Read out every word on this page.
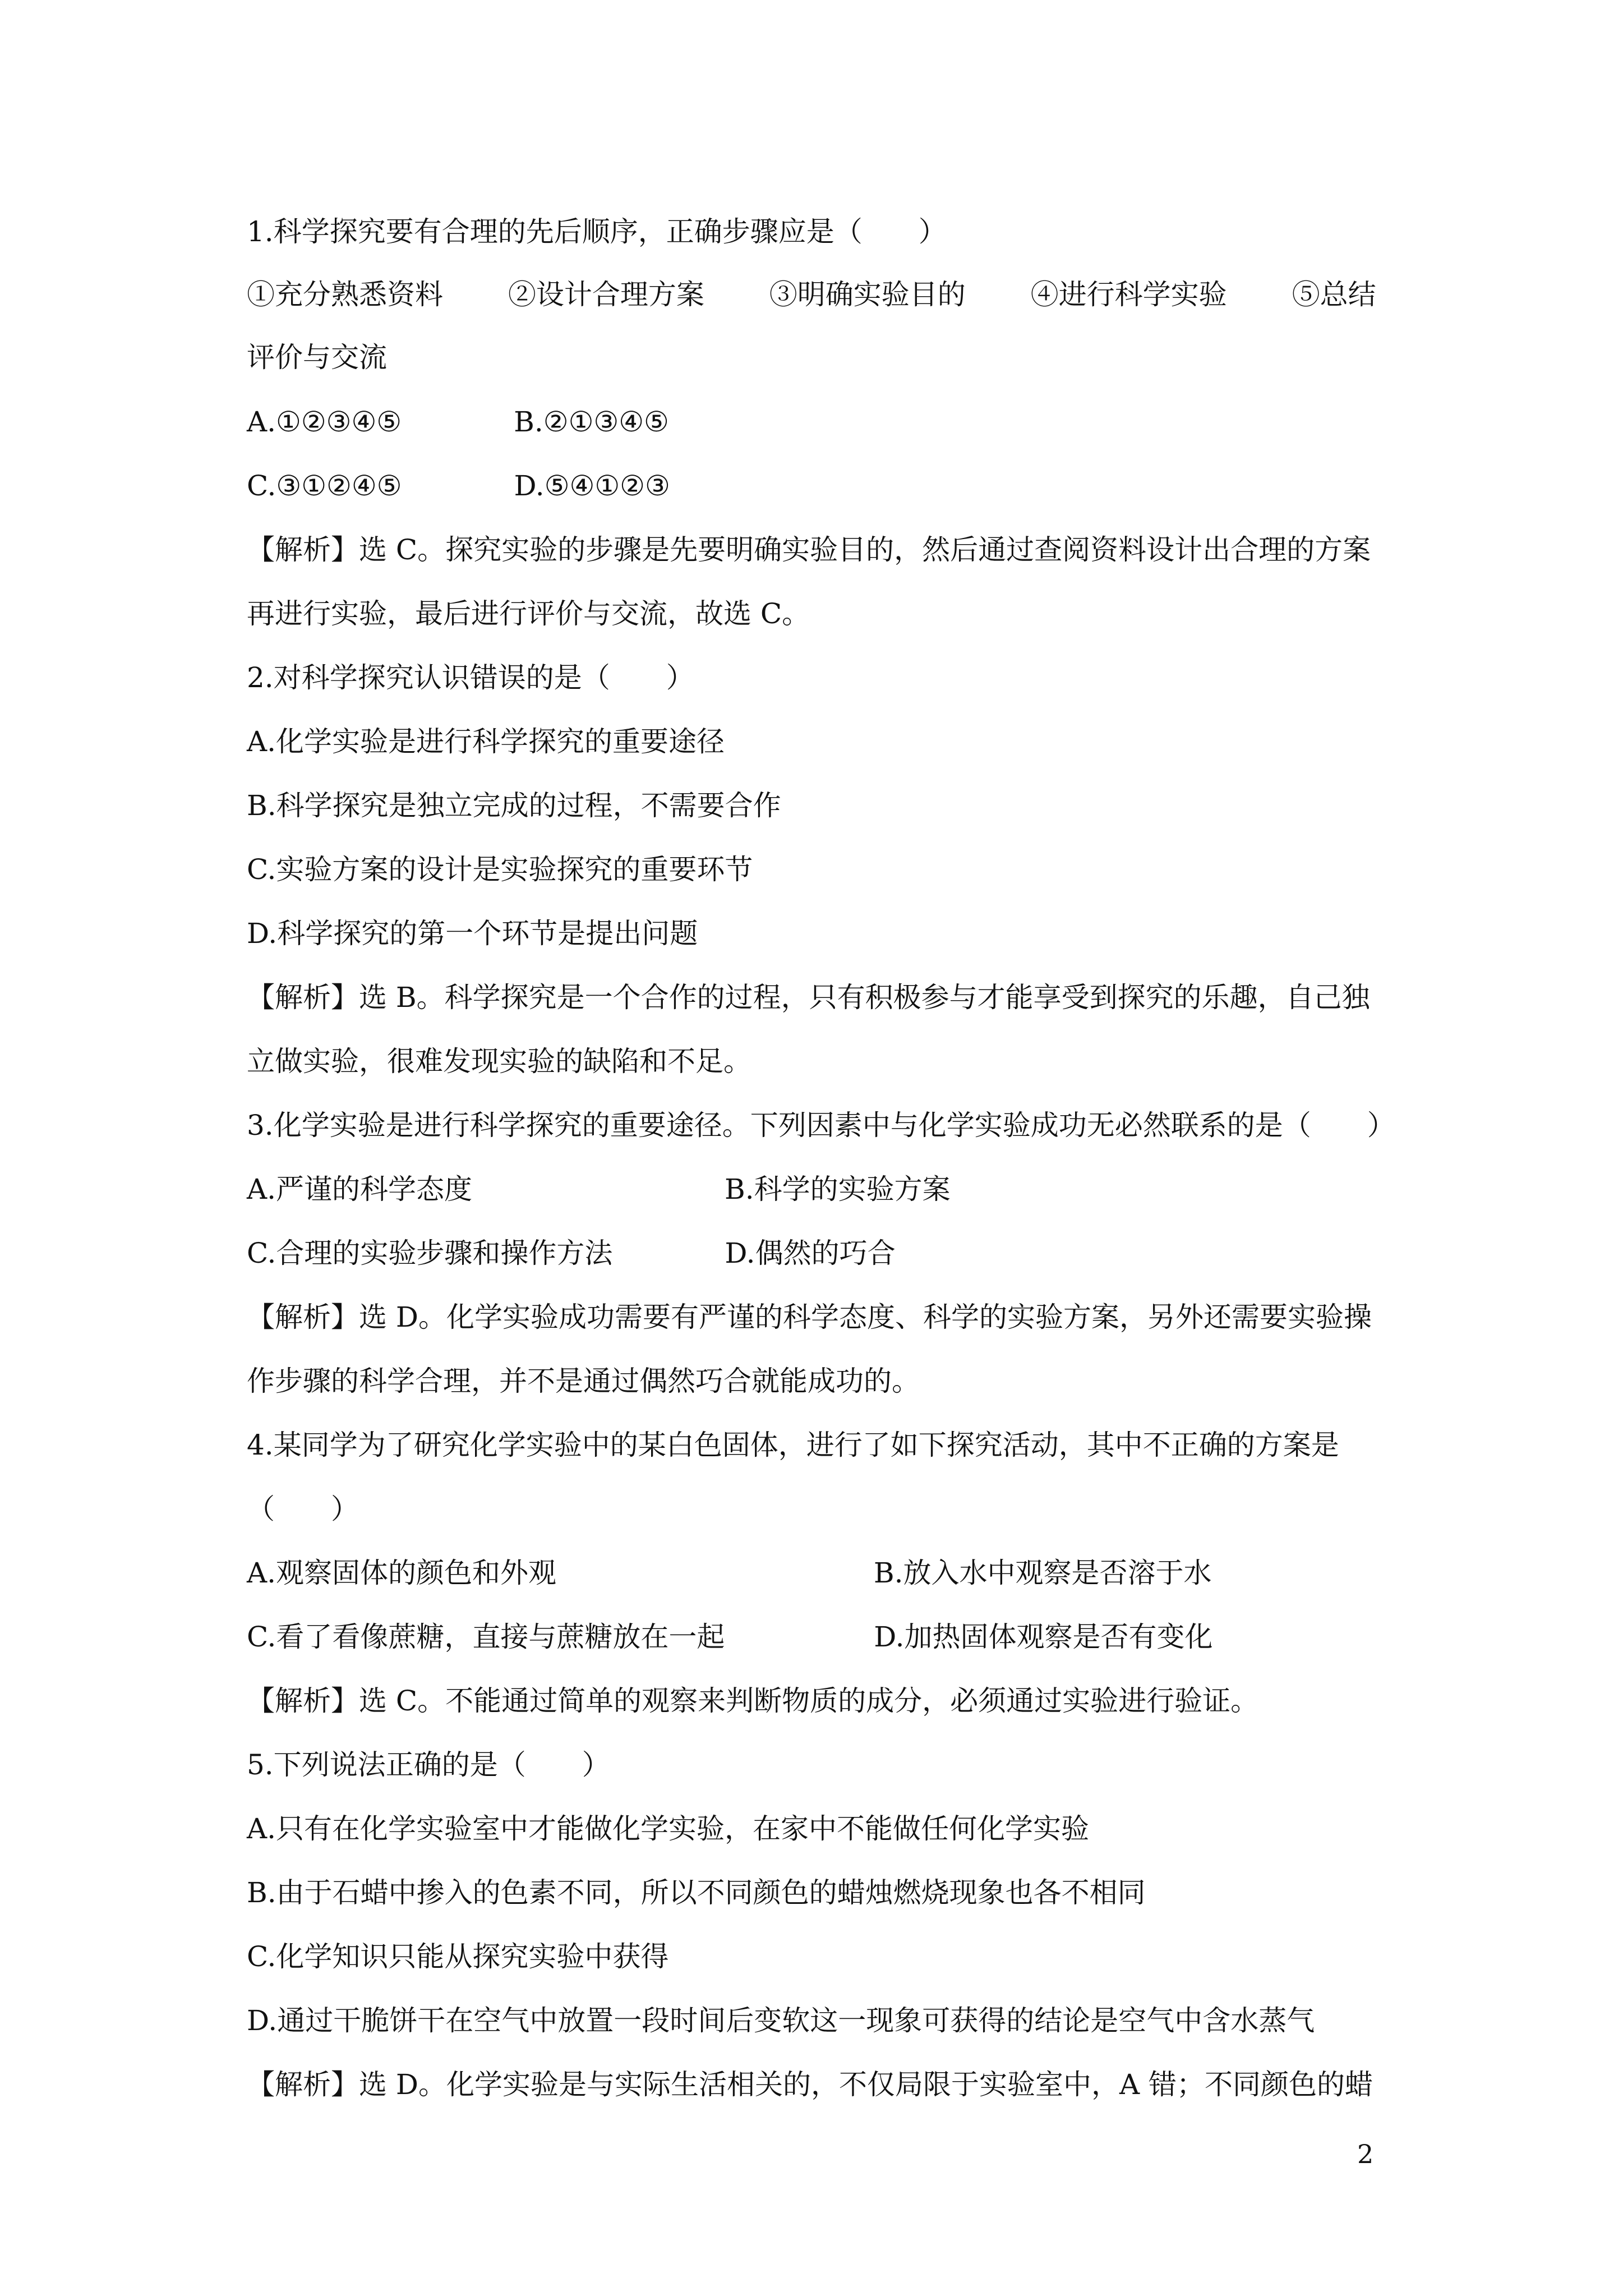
1.科学探究要有合理的先后顺序，正确步骤应是（　　）
①充分熟悉资料　　 ②设计合理方案　　 ③明确实验目的　　 ④进行科学实验　　 ⑤总结
评价与交流
A.①②③④⑤　　　　B.②①③④⑤
C.③①②④⑤　　　　D.⑤④①②③
【解析】选 C。探究实验的步骤是先要明确实验目的，然后通过查阅资料设计出合理的方案
再进行实验，最后进行评价与交流，故选 C。
2.对科学探究认识错误的是（　　）
A.化学实验是进行科学探究的重要途径
B.科学探究是独立完成的过程，不需要合作
C.实验方案的设计是实验探究的重要环节
D.科学探究的第一个环节是提出问题
【解析】选 B。科学探究是一个合作的过程，只有积极参与才能享受到探究的乐趣，自己独
立做实验，很难发现实验的缺陷和不足。
3.化学实验是进行科学探究的重要途径。下列因素中与化学实验成功无必然联系的是（　　）
A.严谨的科学态度　　　　　　　　　B.科学的实验方案
C.合理的实验步骤和操作方法　　　　D.偶然的巧合
【解析】选 D。化学实验成功需要有严谨的科学态度、科学的实验方案，另外还需要实验操
作步骤的科学合理，并不是通过偶然巧合就能成功的。
4.某同学为了研究化学实验中的某白色固体，进行了如下探究活动，其中不正确的方案是
（　　）
A.观察固体的颜色和外观　　　　　　　　　　　 B.放入水中观察是否溶于水
C.看了看像蔗糖，直接与蔗糖放在一起　　　　　 D.加热固体观察是否有变化
【解析】选 C。不能通过简单的观察来判断物质的成分，必须通过实验进行验证。
5.下列说法正确的是（　　）
A.只有在化学实验室中才能做化学实验，在家中不能做任何化学实验
B.由于石蜡中掺入的色素不同，所以不同颜色的蜡烛燃烧现象也各不相同
C.化学知识只能从探究实验中获得
D.通过干脆饼干在空气中放置一段时间后变软这一现象可获得的结论是空气中含水蒸气
【解析】选 D。化学实验是与实际生活相关的，不仅局限于实验室中，A 错；不同颜色的蜡
2
